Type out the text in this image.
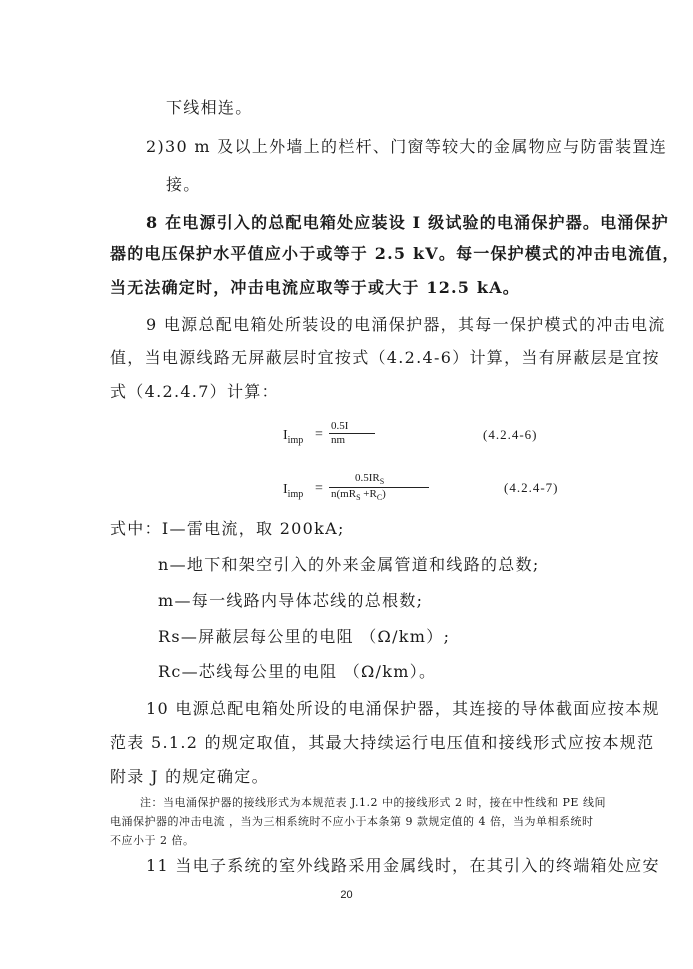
下线相连。
2)30 m 及以上外墙上的栏杆、门窗等较大的金属物应与防雷装置连
接。
8 在电源引入的总配电箱处应装设 I 级试验的电涌保护器。电涌保护
器的电压保护水平值应小于或等于 2.5 kV。每一保护模式的冲击电流值，
当无法确定时，冲击电流应取等于或大于 12.5 kA。
9 电源总配电箱处所装设的电涌保护器，其每一保护模式的冲击电流
值，当电源线路无屏蔽层时宜按式（4.2.4-6）计算，当有屏蔽层是宜按
式（4.2.4.7）计算：
$I_{imp}$ =
0.5I
nm	(4.2.4-6)
$I_{imp}$ =
$0.5IR_S$
$n(mR_S +R_C)$	(4.2.4-7)
式中：I—雷电流，取 200kA;
n—地下和架空引入的外来金属管道和线路的总数;
m—每一线路内导体芯线的总根数;
Rs—屏蔽层每公里的电阻 （Ω/km）;
Rc—芯线每公里的电阻 （Ω/km）。
10 电源总配电箱处所设的电涌保护器，其连接的导体截面应按本规
范表 5.1.2 的规定取值，其最大持续运行电压值和接线形式应按本规范
附录 J 的规定确定。
注：当电涌保护器的接线形式为本规范表 J.1.2 中的接线形式 2 时，接在中性线和 PE 线间
电涌保护器的冲击电流 ，当为三相系统时不应小于本条第 9 款规定值的 4 倍，当为单相系统时
不应小于 2 倍。
11 当电子系统的室外线路采用金属线时，在其引入的终端箱处应安
20
